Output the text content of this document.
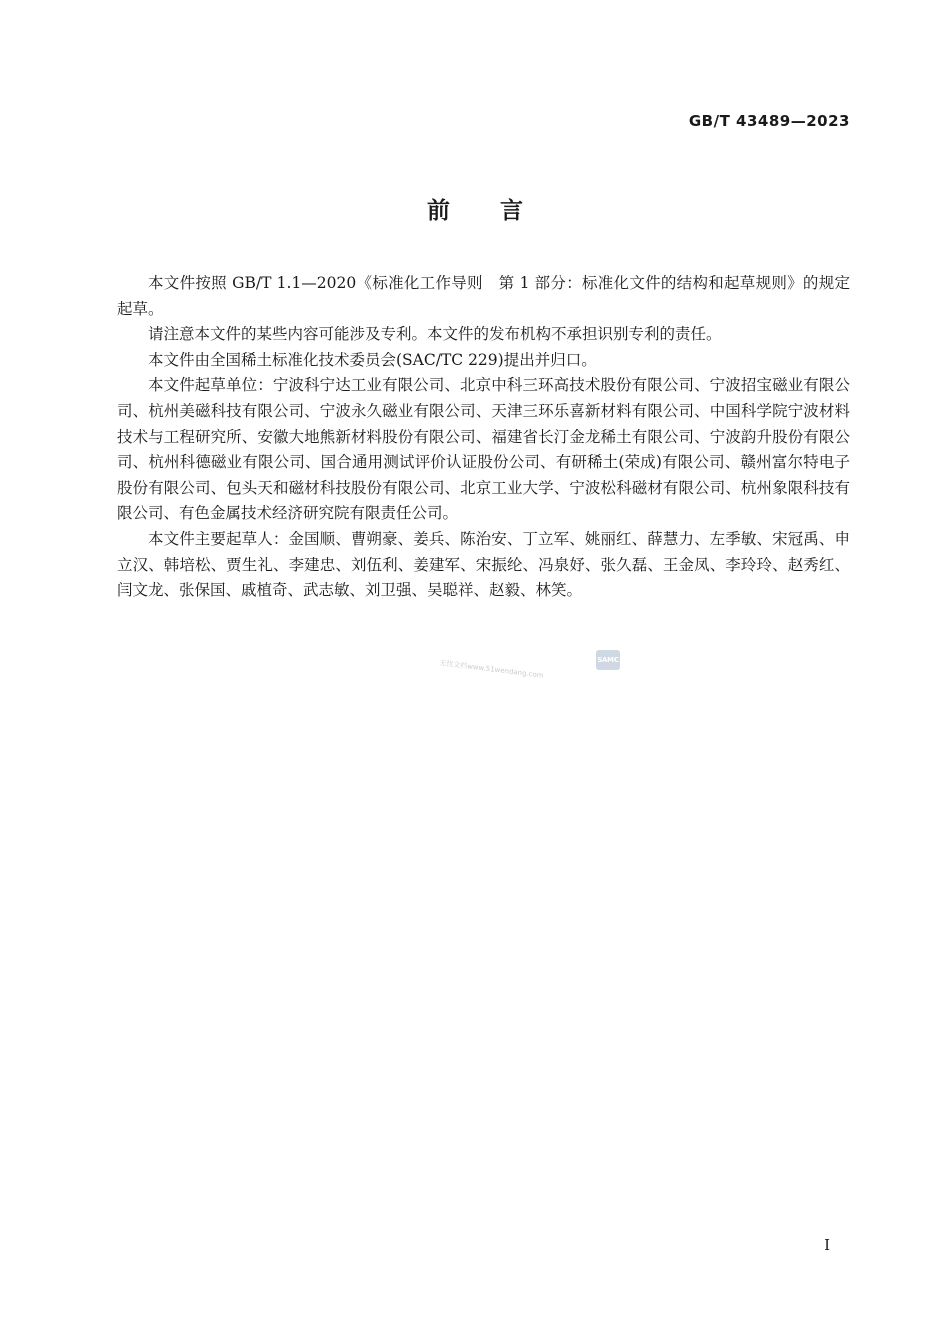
GB/T 43489—2023
前言

本文件按照 GB/T 1.1—2020《标准化工作导则　第 1 部分：标准化文件的结构和起草规则》的规定起草。

请注意本文件的某些内容可能涉及专利。本文件的发布机构不承担识别专利的责任。

本文件由全国稀土标准化技术委员会(SAC/TC 229)提出并归口。

本文件起草单位：宁波科宁达工业有限公司、北京中科三环高技术股份有限公司、宁波招宝磁业有限公司、杭州美磁科技有限公司、宁波永久磁业有限公司、天津三环乐喜新材料有限公司、中国科学院宁波材料技术与工程研究所、安徽大地熊新材料股份有限公司、福建省长汀金龙稀土有限公司、宁波韵升股份有限公司、杭州科德磁业有限公司、国合通用测试评价认证股份公司、有研稀土(荣成)有限公司、赣州富尔特电子股份有限公司、包头天和磁材科技股份有限公司、北京工业大学、宁波松科磁材有限公司、杭州象限科技有限公司、有色金属技术经济研究院有限责任公司。

本文件主要起草人：金国顺、曹朔豪、姜兵、陈治安、丁立军、姚丽红、薛慧力、左季敏、宋冠禹、申立汉、韩培松、贾生礼、李建忠、刘伍利、姜建军、宋振纶、冯泉妤、张久磊、王金凤、李玲玲、赵秀红、闫文龙、张保国、戚植奇、武志敏、刘卫强、吴聪祥、赵毅、林笑。

无忧文档www.51wendang.com	SAMC
I
